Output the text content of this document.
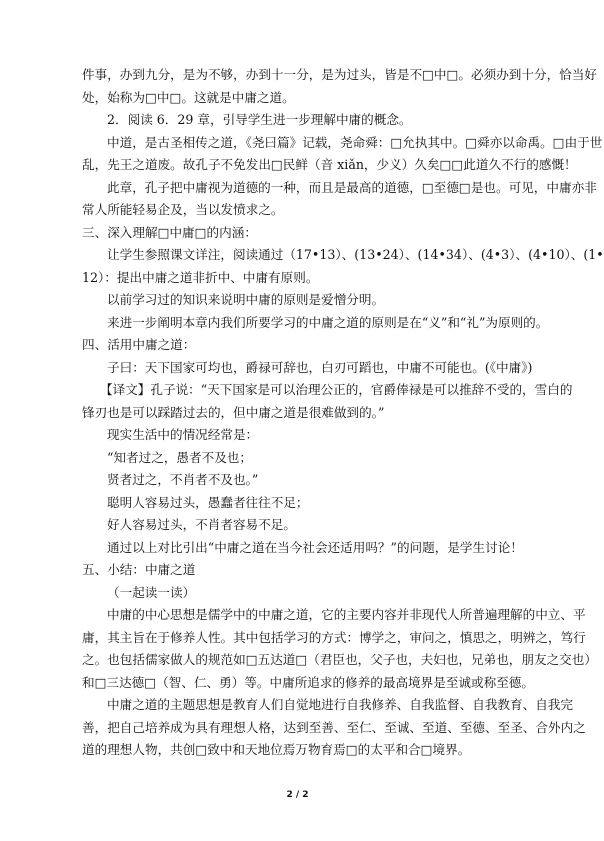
件事，办到九分，是为不够，办到十一分，是为过头，皆是不□中□。必须办到十分，恰当好
处，始称为□中□。这就是中庸之道。
2．阅读 6．29 章，引导学生进一步理解中庸的概念。
中道，是古圣相传之道，《尧曰篇》记载，尧命舜：□允执其中。□舜亦以命禹。□由于世
乱，先王之道废。故孔子不免发出□民鲜（音 xiǎn，少义）久矣□□此道久不行的感慨！
此章，孔子把中庸视为道德的一种，而且是最高的道德，□至德□是也。可见，中庸亦非
常人所能轻易企及，当以发愤求之。
三、深入理解□中庸□的内涵：
让学生参照课文详注，阅读通过（17•13）、(13•24）、(14•34）、(4•3）、(4•10）、(1•
12）：提出中庸之道非折中、中庸有原则。
以前学习过的知识来说明中庸的原则是爱憎分明。
来进一步阐明本章内我们所要学习的中庸之道的原则是在“义”和“礼”为原则的。
四、活用中庸之道：
子曰：天下国家可均也，爵禄可辞也，白刃可蹈也，中庸不可能也。(《中庸》)
【译文】孔子说：“天下国家是可以治理公正的，官爵俸禄是可以推辞不受的，雪白的
锋刃也是可以踩踏过去的，但中庸之道是很难做到的。”
现实生活中的情况经常是：
“知者过之，愚者不及也；
贤者过之，不肖者不及也。”
聪明人容易过头，愚蠢者往往不足；
好人容易过头，不肖者容易不足。
通过以上对比引出“中庸之道在当今社会还适用吗？”的问题，是学生讨论！
五、小结：中庸之道
（一起读一读）
中庸的中心思想是儒学中的中庸之道，它的主要内容并非现代人所普遍理解的中立、平
庸，其主旨在于修养人性。其中包括学习的方式：博学之，审问之，慎思之，明辨之，笃行
之。也包括儒家做人的规范如□五达道□（君臣也，父子也，夫妇也，兄弟也，朋友之交也）
和□三达德□（智、仁、勇）等。中庸所追求的修养的最高境界是至诚或称至德。
中庸之道的主题思想是教育人们自觉地进行自我修养、自我监督、自我教育、自我完
善，把自己培养成为具有理想人格，达到至善、至仁、至诚、至道、至德、至圣、合外内之
道的理想人物，共创□致中和天地位焉万物育焉□的太平和合□境界。
2 / 2
